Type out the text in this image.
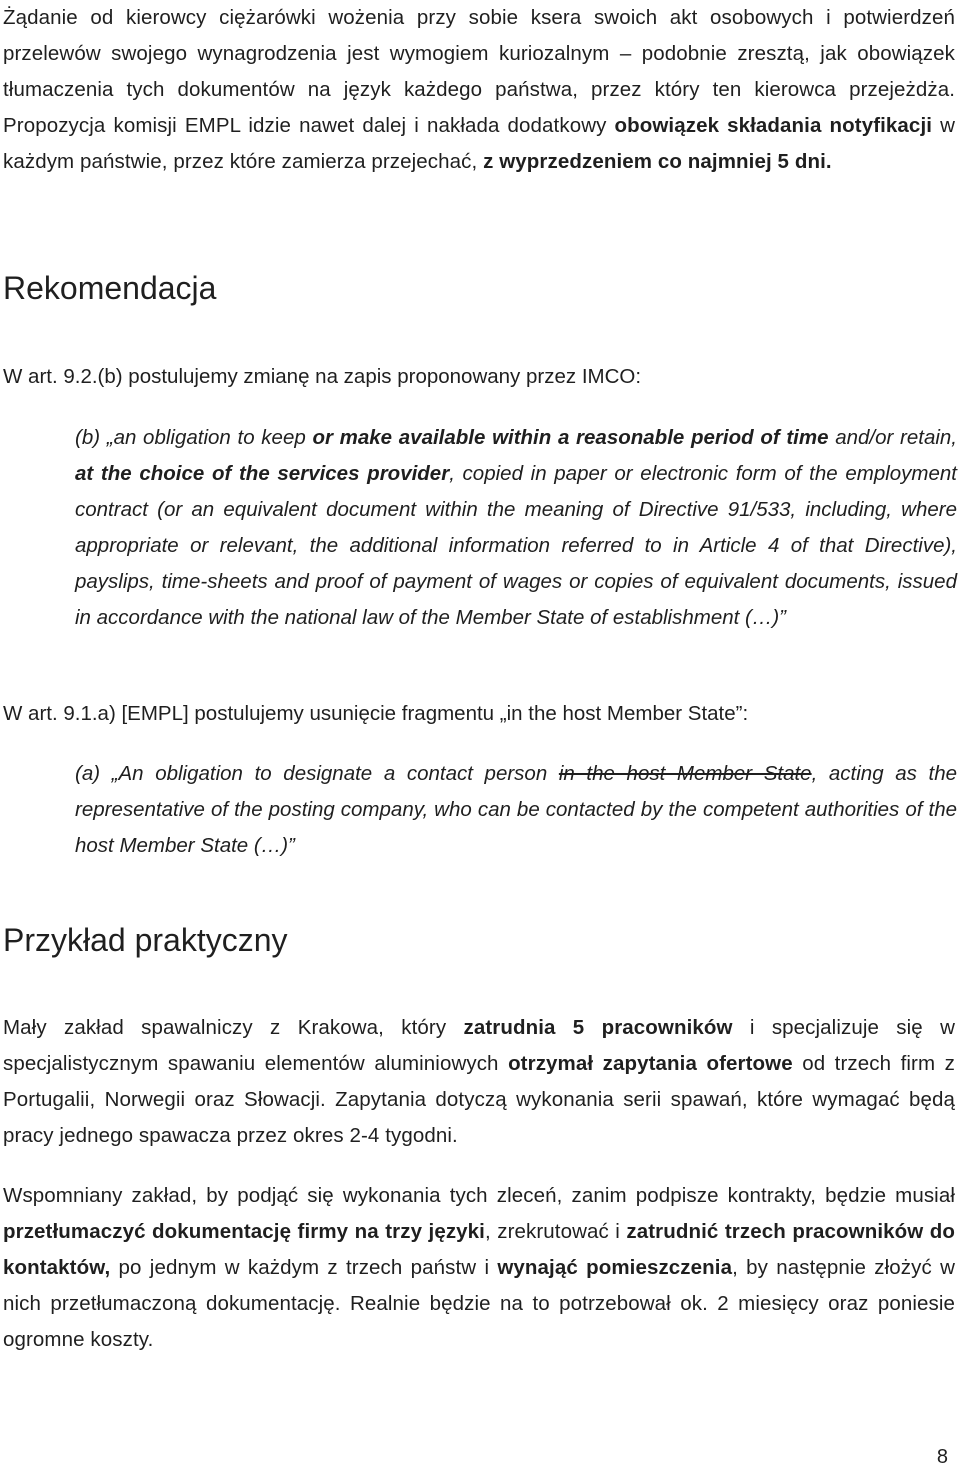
Żądanie od kierowcy ciężarówki wożenia przy sobie ksera swoich akt osobowych i potwierdzeń przelewów swojego wynagrodzenia jest wymogiem kuriozalnym – podobnie zresztą, jak obowiązek tłumaczenia tych dokumentów na język każdego państwa, przez który ten kierowca przejeżdża. Propozycja komisji EMPL idzie nawet dalej i nakłada dodatkowy obowiązek składania notyfikacji w każdym państwie, przez które zamierza przejechać, z wyprzedzeniem co najmniej 5 dni.
Rekomendacja
W art. 9.2.(b) postulujemy zmianę na zapis proponowany przez IMCO:
(b) „an obligation to keep or make available within a reasonable period of time and/or retain, at the choice of the services provider, copied in paper or electronic form of the employment contract (or an equivalent document within the meaning of Directive 91/533, including, where appropriate or relevant, the additional information referred to in Article 4 of that Directive), payslips, time-sheets and proof of payment of wages or copies of equivalent documents, issued in accordance with the national law of the Member State of establishment (…)”
W art. 9.1.a) [EMPL] postulujemy usunięcie fragmentu „in the host Member State”:
(a) „An obligation to designate a contact person in the host Member State, acting as the representative of the posting company, who can be contacted by the competent authorities of the host Member State (…)”
Przykład praktyczny
Mały zakład spawalniczy z Krakowa, który zatrudnia 5 pracowników i specjalizuje się w specjalistycznym spawaniu elementów aluminiowych otrzymał zapytania ofertowe od trzech firm z Portugalii, Norwegii oraz Słowacji. Zapytania dotyczą wykonania serii spawań, które wymagać będą pracy jednego spawacza przez okres 2-4 tygodni.
Wspomniany zakład, by podjąć się wykonania tych zleceń, zanim podpisze kontrakty, będzie musiał przetłumaczyć dokumentację firmy na trzy języki, zrekrutować i zatrudnić trzech pracowników do kontaktów, po jednym w każdym z trzech państw i wynająć pomieszczenia, by następnie złożyć w nich przetłumaczoną dokumentację. Realnie będzie na to potrzebował ok. 2 miesięcy oraz poniesie ogromne koszty.
8
